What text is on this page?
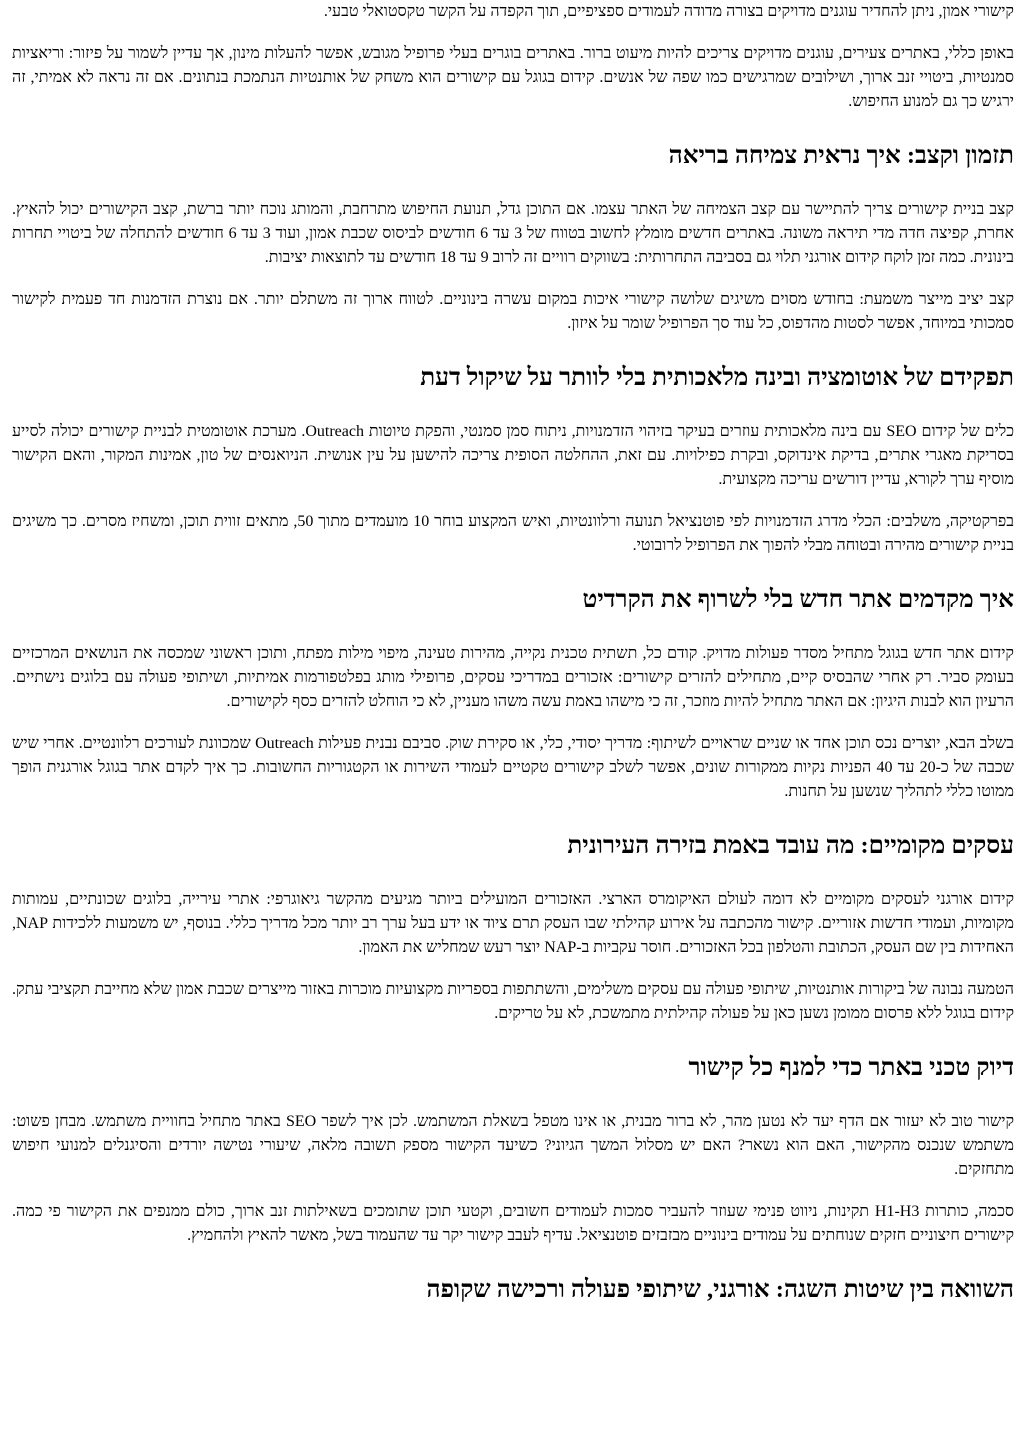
קישורי אמון, ניתן להחדיר עוגנים מדויקים בצורה מדודה לעמודים ספציפיים, תוך הקפדה על הקשר טקסטואלי טבעי.

באופן כללי, באתרים צעירים, עוגנים מדויקים צריכים להיות מיעוט ברור. באתרים בוגרים בעלי פרופיל מגובש, אפשר להעלות מינון, אך עדיין לשמור על פיזור: וריאציות סמנטיות, ביטויי זנב ארוך, ושילובים שמרגישים כמו שפה של אנשים. קידום בגוגל עם קישורים הוא משחק של אותנטיות הנתמכת בנתונים. אם זה נראה לא אמיתי, זה ירגיש כך גם למנוע החיפוש.

תזמון וקצב: איך נראית צמיחה בריאה

קצב בניית קישורים צריך להתיישר עם קצב הצמיחה של האתר עצמו. אם התוכן גדל, תנועת החיפוש מתרחבת, והמותג נוכח יותר ברשת, קצב הקישורים יכול להאיץ. אחרת, קפיצה חדה מדי תיראה משונה. באתרים חדשים מומלץ לחשוב בטווח של 3 עד 6 חודשים לביסוס שכבת אמון, ועוד 3 עד 6 חודשים להתחלה של ביטויי תחרות בינונית. כמה זמן לוקח קידום אורגני תלוי גם בסביבה התחרותית: בשווקים רוויים זה לרוב 9 עד 18 חודשים עד לתוצאות יציבות.

קצב יציב מייצר משמעת: בחודש מסוים משיגים שלושה קישורי איכות במקום עשרה בינוניים. לטווח ארוך זה משתלם יותר. אם נוצרת הזדמנות חד פעמית לקישור סמכותי במיוחד, אפשר לסטות מהדפוס, כל עוד סך הפרופיל שומר על איזון.

תפקידם של אוטומציה ובינה מלאכותית בלי לוותר על שיקול דעת

כלים של קידום SEO עם בינה מלאכותית עוזרים בעיקר בזיהוי הזדמנויות, ניתוח סמן סמנטי, והפקת טיוטות Outreach. מערכת אוטומטית לבניית קישורים יכולה לסייע בסריקת מאגרי אתרים, בדיקת אינדוקס, ובקרת כפילויות. עם זאת, ההחלטה הסופית צריכה להישען על עין אנושית. הניואנסים של טון, אמינות המקור, והאם הקישור מוסיף ערך לקורא, עדיין דורשים עריכה מקצועית.

בפרקטיקה, משלבים: הכלי מדרג הזדמנויות לפי פוטנציאל תנועה ורלוונטיות, ואיש המקצוע בוחר 10 מועמדים מתוך 50, מתאים זווית תוכן, ומשחיז מסרים. כך משיגים בניית קישורים מהירה ובטוחה מבלי להפוך את הפרופיל לרובוטי.

איך מקדמים אתר חדש בלי לשרוף את הקרדיט

קידום אתר חדש בגוגל מתחיל מסדר פעולות מדויק. קודם כל, תשתית טכנית נקייה, מהירות טעינה, מיפוי מילות מפתח, ותוכן ראשוני שמכסה את הנושאים המרכזיים בעומק סביר. רק אחרי שהבסיס קיים, מתחילים להזרים קישורים: אזכורים במדריכי עסקים, פרופילי מותג בפלטפורמות אמיתיות, ושיתופי פעולה עם בלוגים נישתיים. הרעיון הוא לבנות היגיון: אם האתר מתחיל להיות מוזכר, זה כי מישהו באמת עשה משהו מעניין, לא כי הוחלט להזרים כסף לקישורים.

בשלב הבא, יוצרים נכס תוכן אחד או שניים שראויים לשיתוף: מדריך יסודי, כלי, או סקירת שוק. סביבם נבנית פעילות Outreach שמכוונת לעורכים רלוונטיים. אחרי שיש שכבה של כ-20 עד 40 הפניות נקיות ממקורות שונים, אפשר לשלב קישורים טקטיים לעמודי השירות או הקטגוריות החשובות. כך איך לקדם אתר בגוגל אורגנית הופך ממוטו כללי לתהליך שנשען על תחנות.

עסקים מקומיים: מה עובד באמת בזירה העירונית

קידום אורגני לעסקים מקומיים לא דומה לעולם האיקומרס הארצי. האזכורים המועילים ביותר מגיעים מהקשר גיאוגרפי: אתרי עירייה, בלוגים שכונתיים, עמותות מקומיות, ועמודי חדשות אזוריים. קישור מהכתבה על אירוע קהילתי שבו העסק תרם ציוד או ידע בעל ערך רב יותר מכל מדריך כללי. בנוסף, יש משמעות ללכידות NAP, האחידות בין שם העסק, הכתובת והטלפון בכל האזכורים. חוסר עקביות ב-NAP יוצר רעש שמחליש את האמון.

הטמעה נבונה של ביקורות אותנטיות, שיתופי פעולה עם עסקים משלימים, והשתתפות בספריות מקצועיות מוכרות באזור מייצרים שכבת אמון שלא מחייבת תקציבי עתק. קידום בגוגל ללא פרסום ממומן נשען כאן על פעולה קהילתית מתמשכת, לא על טריקים.

דיוק טכני באתר כדי למנף כל קישור

קישור טוב לא יעזור אם הדף יעד לא נטען מהר, לא ברור מבנית, או אינו מטפל בשאלת המשתמש. לכן איך לשפר SEO באתר מתחיל בחוויית משתמש. מבחן פשוט: משתמש שנכנס מהקישור, האם הוא נשאר? האם יש מסלול המשך הגיוני? כשיעד הקישור מספק תשובה מלאה, שיעורי נטישה יורדים והסיגנלים למנועי חיפוש מתחזקים.

סכמה, כותרות H1-H3 תקינות, ניווט פנימי שעוזר להעביר סמכות לעמודים חשובים, וקטעי תוכן שתומכים בשאילתות זנב ארוך, כולם ממנפים את הקישור פי כמה. קישורים חיצוניים חזקים שנוחתים על עמודים בינוניים מבזבזים פוטנציאל. עדיף לעבב קישור יקר עד שהעמוד בשל, מאשר להאיץ ולהחמיץ.

השוואה בין שיטות השגה: אורגני, שיתופי פעולה ורכישה שקופה
